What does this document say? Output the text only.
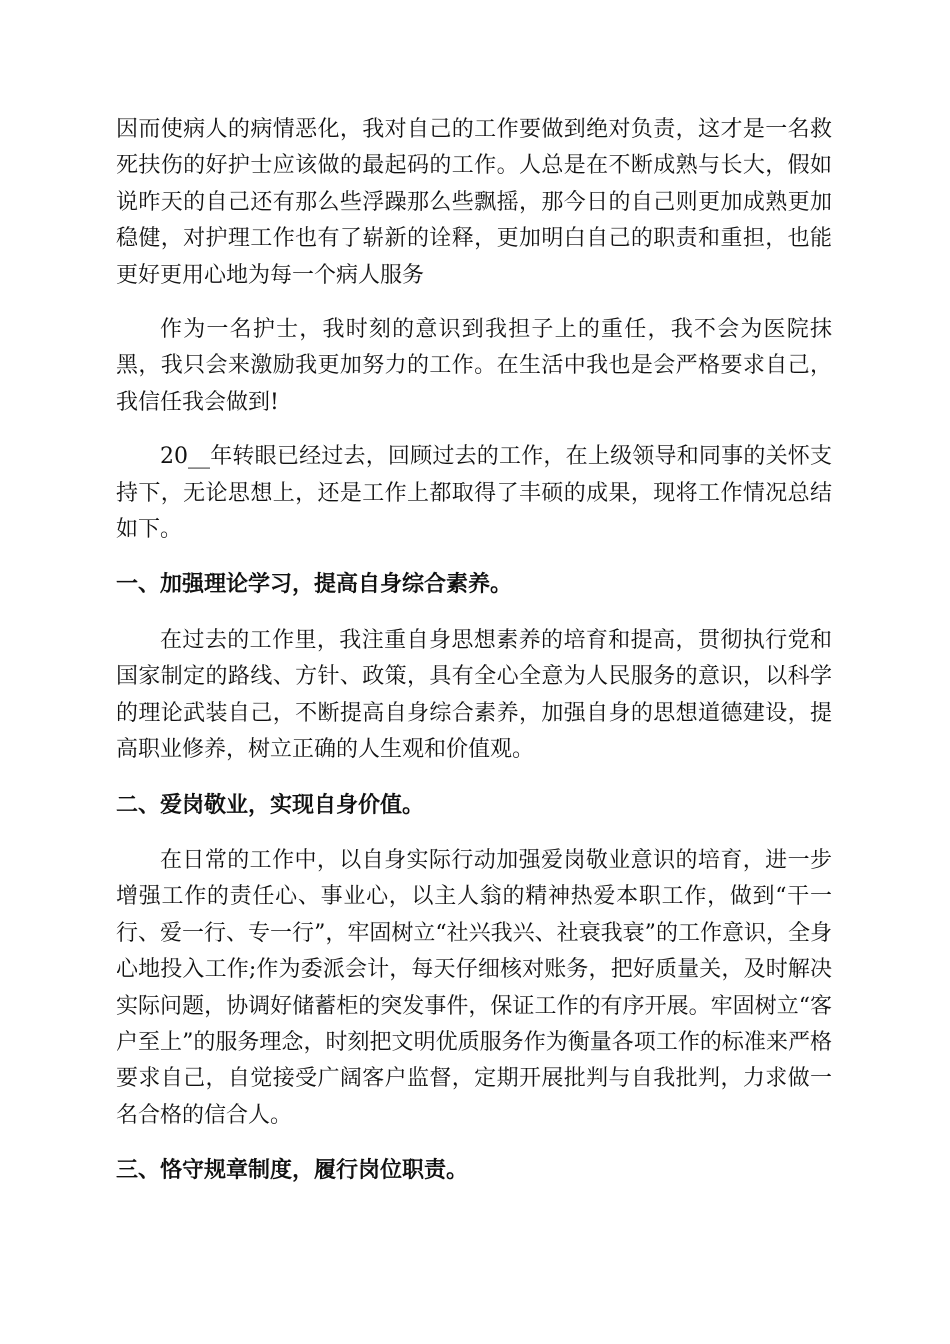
因而使病人的病情恶化，我对自己的工作要做到绝对负责，这才是一名救死扶伤的好护士应该做的最起码的工作。人总是在不断成熟与长大，假如说昨天的自己还有那么些浮躁那么些飘摇，那今日的自己则更加成熟更加稳健，对护理工作也有了崭新的诠释，更加明白自己的职责和重担，也能更好更用心地为每一个病人服务

作为一名护士，我时刻的意识到我担子上的重任，我不会为医院抹黑，我只会来激励我更加努力的工作。在生活中我也是会严格要求自己，我信任我会做到!

20__年转眼已经过去，回顾过去的工作，在上级领导和同事的关怀支持下，无论思想上，还是工作上都取得了丰硕的成果，现将工作情况总结如下。

一、加强理论学习，提高自身综合素养。

在过去的工作里，我注重自身思想素养的培育和提高，贯彻执行党和国家制定的路线、方针、政策，具有全心全意为人民服务的意识，以科学的理论武装自己，不断提高自身综合素养，加强自身的思想道德建设，提高职业修养，树立正确的人生观和价值观。

二、爱岗敬业，实现自身价值。

在日常的工作中，以自身实际行动加强爱岗敬业意识的培育，进一步增强工作的责任心、事业心，以主人翁的精神热爱本职工作，做到“干一行、爱一行、专一行”，牢固树立“社兴我兴、社衰我衰”的工作意识，全身心地投入工作;作为委派会计，每天仔细核对账务，把好质量关，及时解决实际问题，协调好储蓄柜的突发事件，保证工作的有序开展。牢固树立“客户至上”的服务理念，时刻把文明优质服务作为衡量各项工作的标准来严格要求自己，自觉接受广阔客户监督，定期开展批判与自我批判，力求做一名合格的信合人。

三、恪守规章制度，履行岗位职责。
